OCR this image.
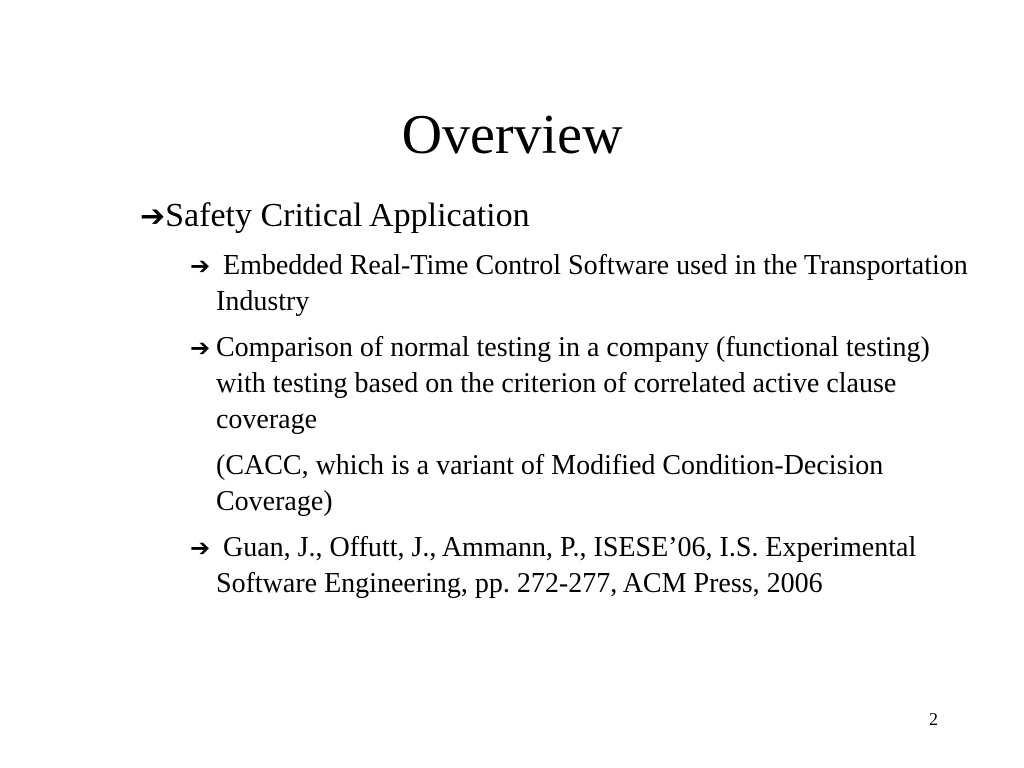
Overview
➔Safety Critical Application
➔ Embedded Real-Time Control Software used in the Transportation Industry
➔ Comparison of normal testing in a company (functional testing) with testing based on the criterion of correlated active clause coverage
(CACC, which is a variant of Modified Condition-Decision Coverage)
➔ Guan, J., Offutt, J., Ammann, P., ISESE’06, I.S. Experimental Software Engineering, pp. 272-277, ACM Press, 2006
2
